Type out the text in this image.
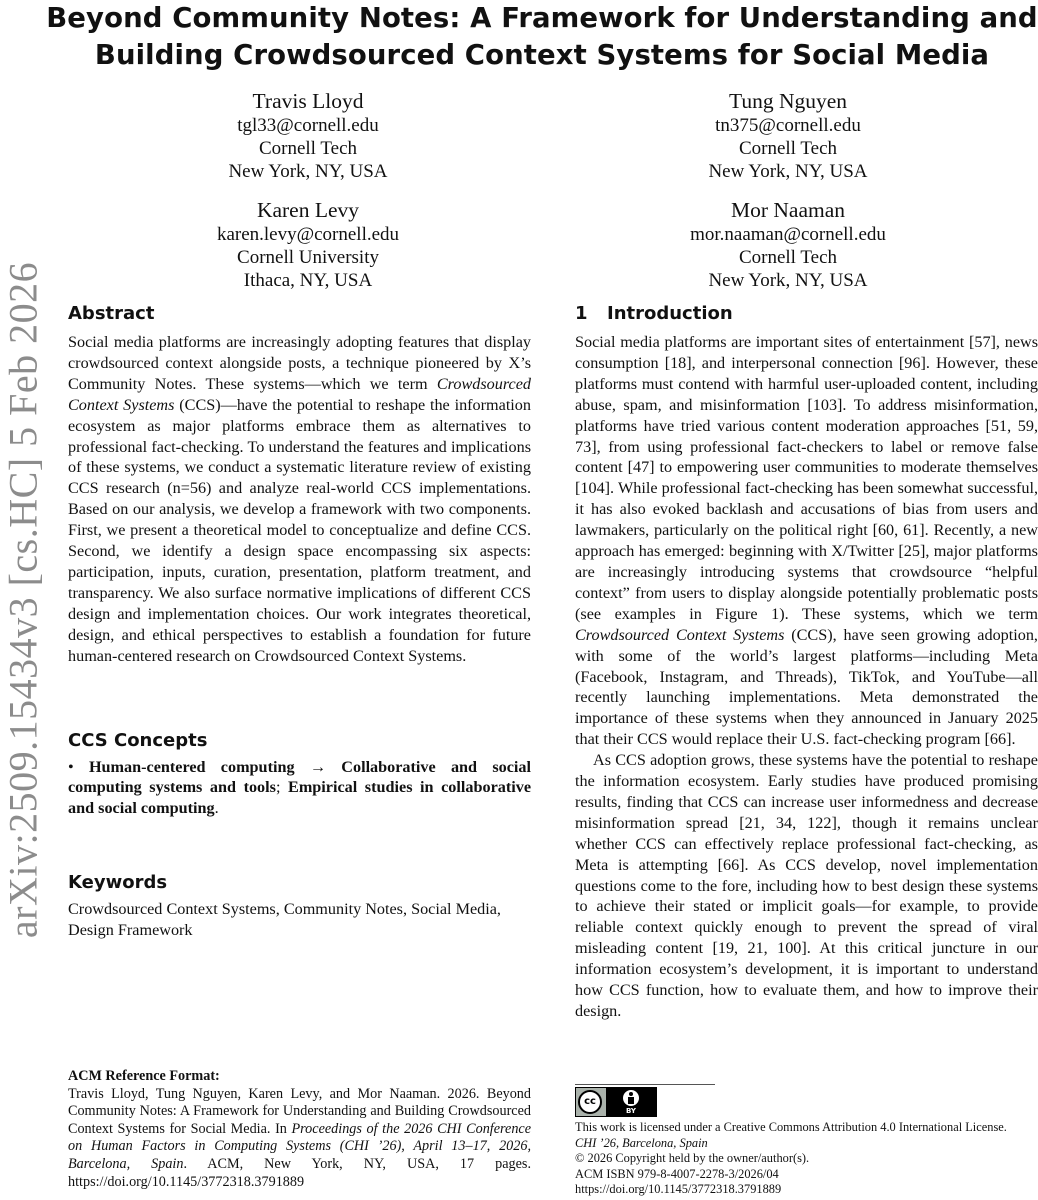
arXiv:2509.15434v3 [cs.HC] 5 Feb 2026
Beyond Community Notes: A Framework for Understanding and
Building Crowdsourced Context Systems for Social Media
Travis Lloyd
tgl33@cornell.edu
Cornell Tech
New York, NY, USA
Tung Nguyen
tn375@cornell.edu
Cornell Tech
New York, NY, USA
Karen Levy
karen.levy@cornell.edu
Cornell University
Ithaca, NY, USA
Mor Naaman
mor.naaman@cornell.edu
Cornell Tech
New York, NY, USA
Abstract

Social media platforms are increasingly adopting features that display crowdsourced context alongside posts, a technique pioneered by X’s Community Notes. These systems—which we term Crowdsourced Context Systems (CCS)—have the potential to reshape the information ecosystem as major platforms embrace them as alternatives to professional fact-checking. To understand the features and implications of these systems, we conduct a systematic literature review of existing CCS research (n=56) and analyze real-world CCS implementations. Based on our analysis, we develop a framework with two components. First, we present a theoretical model to conceptualize and define CCS. Second, we identify a design space encompassing six aspects: participation, inputs, curation, presentation, platform treatment, and transparency. We also surface normative implications of different CCS design and implementation choices. Our work integrates theoretical, design, and ethical perspectives to establish a foundation for future human-centered research on Crowdsourced Context Systems.

CCS Concepts

• Human-centered computing → Collaborative and social computing systems and tools; Empirical studies in collaborative and social computing.

Keywords

Crowdsourced Context Systems, Community Notes, Social Media, Design Framework

ACM Reference Format:
Travis Lloyd, Tung Nguyen, Karen Levy, and Mor Naaman. 2026. Beyond Community Notes: A Framework for Understanding and Building Crowdsourced Context Systems for Social Media. In Proceedings of the 2026 CHI Conference on Human Factors in Computing Systems (CHI ’26), April 13–17, 2026, Barcelona, Spain. ACM, New York, NY, USA, 17 pages. https://doi.org/10.1145/3772318.3791889
1 Introduction

Social media platforms are important sites of entertainment [57], news consumption [18], and interpersonal connection [96]. However, these platforms must contend with harmful user-uploaded content, including abuse, spam, and misinformation [103]. To address misinformation, platforms have tried various content moderation approaches [51, 59, 73], from using professional fact-checkers to label or remove false content [47] to empowering user communities to moderate themselves [104]. While professional fact-checking has been somewhat successful, it has also evoked backlash and accusations of bias from users and lawmakers, particularly on the political right [60, 61]. Recently, a new approach has emerged: beginning with X/Twitter [25], major platforms are increasingly introducing systems that crowdsource “helpful context” from users to display alongside potentially problematic posts (see examples in Figure 1). These systems, which we term Crowdsourced Context Systems (CCS), have seen growing adoption, with some of the world’s largest platforms—including Meta (Facebook, Instagram, and Threads), TikTok, and YouTube—all recently launching implementations. Meta demonstrated the importance of these systems when they announced in January 2025 that their CCS would replace their U.S. fact-checking program [66].

As CCS adoption grows, these systems have the potential to reshape the information ecosystem. Early studies have produced promising results, finding that CCS can increase user informedness and decrease misinformation spread [21, 34, 122], though it remains unclear whether CCS can effectively replace professional fact-checking, as Meta is attempting [66]. As CCS develop, novel implementation questions come to the fore, including how to best design these systems to achieve their stated or implicit goals—for example, to provide reliable context quickly enough to prevent the spread of viral misleading content [19, 21, 100]. At this critical juncture in our information ecosystem’s development, it is important to understand how CCS function, how to evaluate them, and how to improve their design.

cc
BY
This work is licensed under a Creative Commons Attribution 4.0 International License.
CHI ’26, Barcelona, Spain
© 2026 Copyright held by the owner/author(s).
ACM ISBN 979-8-4007-2278-3/2026/04
https://doi.org/10.1145/3772318.3791889
